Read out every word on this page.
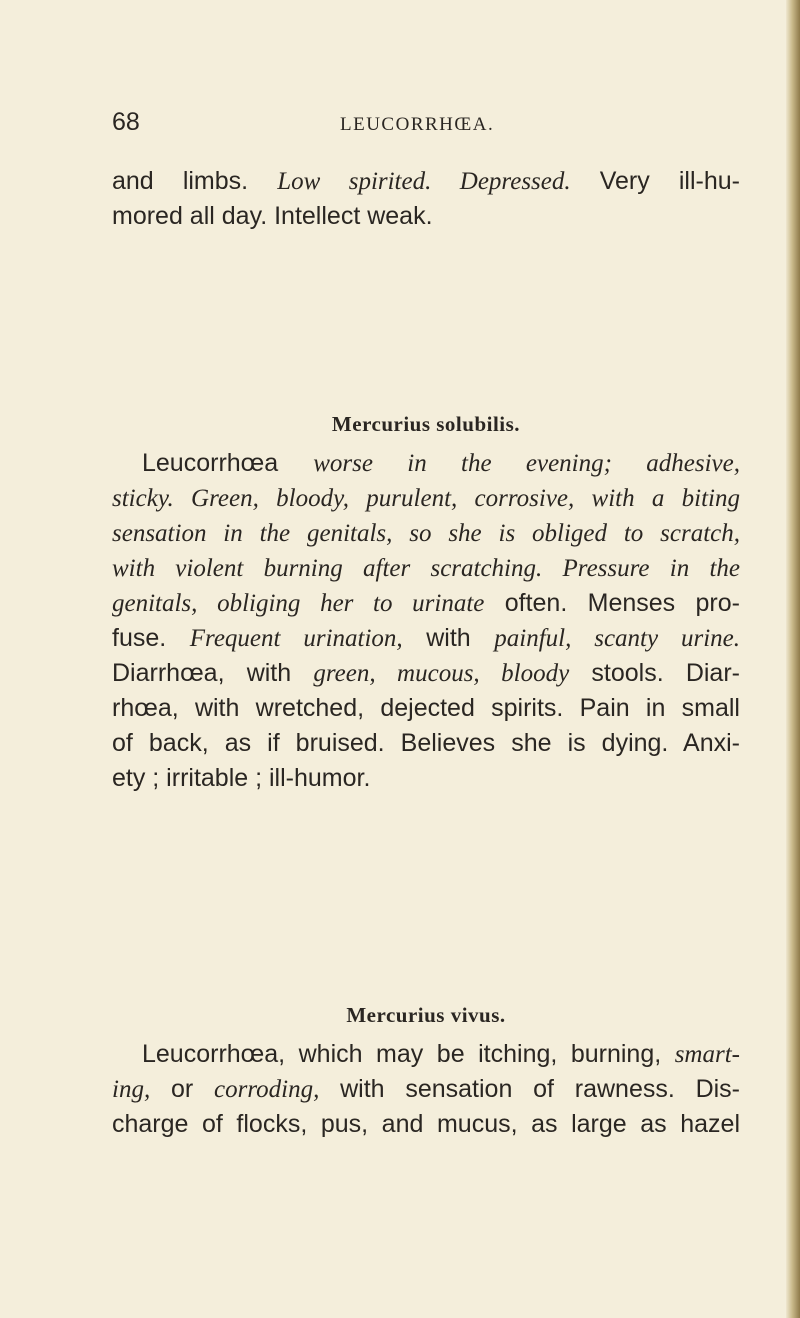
68	LEUCORRHŒA.
and limbs. Low spirited. Depressed. Very ill-hu-
mored all day. Intellect weak.
Mercurius solubilis.
Leucorrhœa worse in the evening; adhesive,
sticky. Green, bloody, purulent, corrosive, with a biting
sensation in the genitals, so she is obliged to scratch,
with violent burning after scratching. Pressure in the
genitals, obliging her to urinate often. Menses pro-
fuse. Frequent urination, with painful, scanty urine.
Diarrhœa, with green, mucous, bloody stools. Diar-
rhœa, with wretched, dejected spirits. Pain in small
of back, as if bruised. Believes she is dying. Anxi-
ety ; irritable ; ill-humor.
Mercurius vivus.
Leucorrhœa, which may be itching, burning, smart-
ing, or corroding, with sensation of rawness. Dis-
charge of flocks, pus, and mucus, as large as hazel
